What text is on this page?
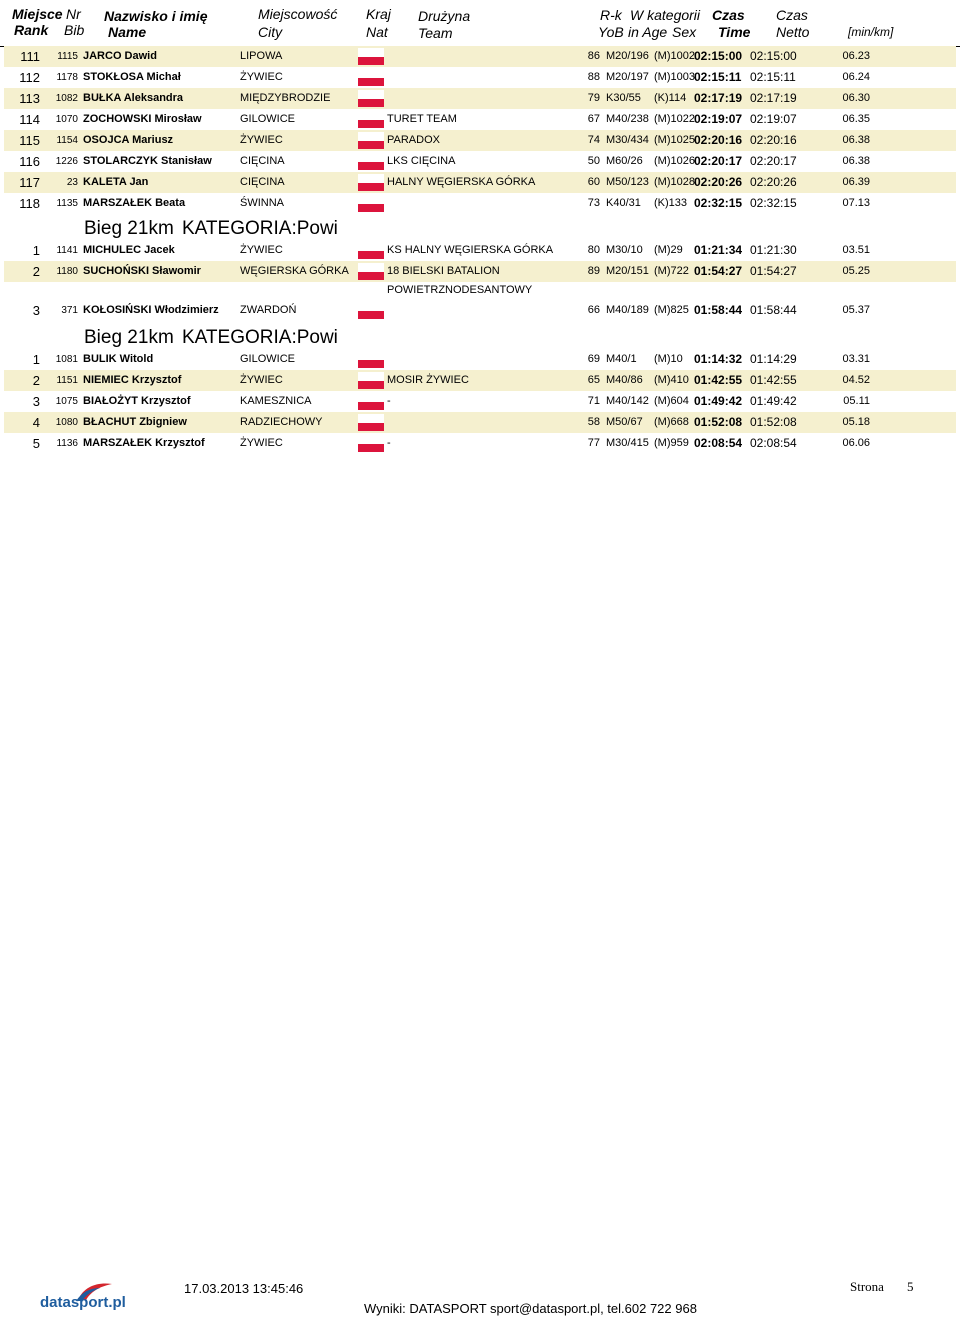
Miejsce
Rank
Nr
Bib
Nazwisko i imię
Name
Miejscowość
City
Kraj
Nat
Drużyna
Team
R-k
YoB
W kategorii
in Age Sex
Czas
Time
Czas
Netto	[min/km]
111	1115 JARCO Dawid	LIPOWA	86 M20/196 (M)1002 02:15:00 02:15:00	06.23
112	1178 STOKŁOSA Michał	ŻYWIEC	88 M20/197 (M)1003 02:15:11 02:15:11	06.24
113	1082 BUŁKA Aleksandra	MIĘDZYBRODZIE	79 K30/55 (K)114 02:17:19 02:17:19	06.30
114	1070 ZOCHOWSKI Mirosław	GILOWICE	TURET TEAM	67 M40/238 (M)1022 02:19:07 02:19:07	06.35
115	1154 OSOJCA Mariusz	ŻYWIEC	PARADOX	74 M30/434 (M)1025 02:20:16 02:20:16	06.38
116	1226 STOLARCZYK Stanisław	CIĘCINA	LKS CIĘCINA	50 M60/26 (M)1026 02:20:17 02:20:17	06.38
117	23 KALETA Jan	CIĘCINA	HALNY WĘGIERSKA GÓRKA	60 M50/123 (M)1028 02:20:26 02:20:26	06.39
118	1135 MARSZAŁEK Beata	ŚWINNA	73 K40/31 (K)133 02:32:15 02:32:15	07.13
Bieg 21km KATEGORIA:Powi
1	1141 MICHULEC Jacek	ŻYWIEC	KS HALNY WĘGIERSKA GÓRKA	80 M30/10 (M)29 01:21:34 01:21:30	03.51
2	1180 SUCHOŃSKI Sławomir	WĘGIERSKA GÓRKA	18 BIELSKI BATALION	89 M20/151 (M)722 01:54:27 01:54:27	05.25
POWIETRZNODESANTOWY
3	371 KOŁOSIŃSKI Włodzimierz ZWARDOŃ	66 M40/189 (M)825 01:58:44 01:58:44	05.37
Bieg 21km KATEGORIA:Powi
1	1081 BULIK Witold	GILOWICE	69 M40/1 (M)10 01:14:32 01:14:29	03.31
2	1151 NIEMIEC Krzysztof	ŻYWIEC	MOSIR ŻYWIEC	65 M40/86 (M)410 01:42:55 01:42:55	04.52
3	1075 BIAŁOŻYT Krzysztof	KAMESZNICA	-	71 M40/142 (M)604 01:49:42 01:49:42	05.11
4	1080 BŁACHUT Zbigniew	RADZIECHOWY	58 M50/67 (M)668 01:52:08 01:52:08	05.18
5	1136 MARSZAŁEK Krzysztof	ŻYWIEC	-	77 M30/415 (M)959 02:08:54 02:08:54	06.06
datasport.pl
17.03.2013 13:45:46	Strona 5
Wyniki: DATASPORT sport@datasport.pl, tel.602 722 968
